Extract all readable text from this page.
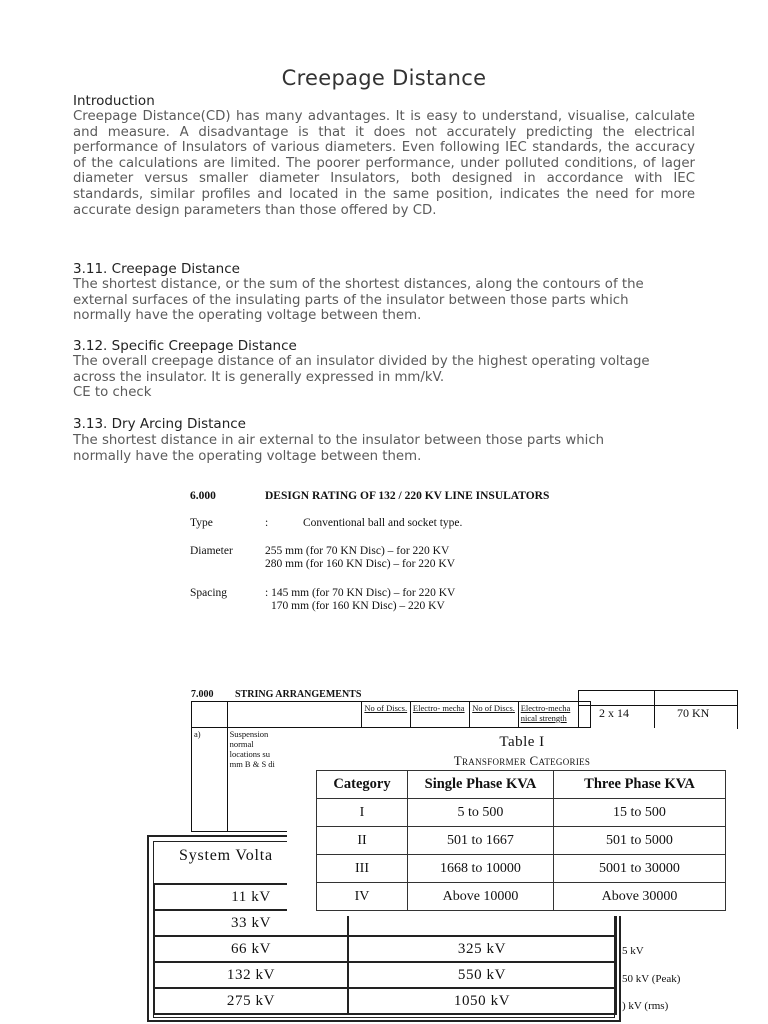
Creepage Distance
Introduction
Creepage Distance(CD) has many advantages. It is easy to understand, visualise, calculate and measure. A disadvantage is that it does not accurately predicting the electrical performance of Insulators of various diameters. Even following IEC standards, the accuracy of the calculations are limited. The poorer performance, under polluted conditions, of lager diameter versus smaller diameter Insulators, both designed in accordance with IEC standards, similar profiles and located in the same position, indicates the need for more accurate design parameters than those offered by CD.
3.11. Creepage Distance
The shortest distance, or the sum of the shortest distances, along the contours of the external surfaces of the insulating parts of the insulator between those parts which normally have the operating voltage between them.
3.12. Specific Creepage Distance
The overall creepage distance of an insulator divided by the highest operating voltage across the insulator. It is generally expressed in mm/kV.
CE to check
3.13. Dry Arcing Distance
The shortest distance in air external to the insulator between those parts which normally have the operating voltage between them.
6.000	DESIGN RATING OF 132 / 220 KV LINE INSULATORS
Type	:	Conventional ball and socket type.
Diameter	255 mm (for 70 KN Disc) – for 220 KV
280 mm (for 160 KN Disc) – for 220 KV
Spacing	: 145 mm (for 70 KN Disc) – for 220 KV
170 mm (for 160 KN Disc) – 220 KV
7.000 STRING ARRANGEMENTS
		No of Discs.	Electro- mecha	No of Discs.	Electro-mecha nical strength
a)	Suspension
normal
locations su
mm B & S di				

2 x 14	70 KN
System Volta
11 kV	
33 kV	
66 kV	325 kV
132 kV	550 kV
275 kV	1050 kV
5 kV
50 kV (Peak)
) kV (rms)
Table I
Transformer Categories
Category	Single Phase KVA	Three Phase KVA
I	5 to 500	15 to 500
II	501 to 1667	501 to 5000
III	1668 to 10000	5001 to 30000
IV	Above 10000	Above 30000
